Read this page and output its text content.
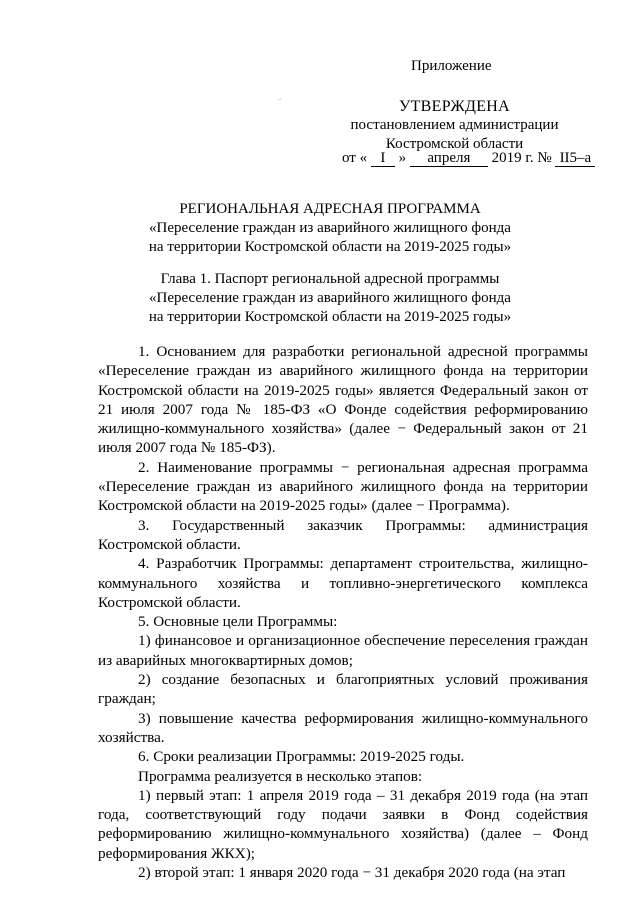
Приложение
∙ˑ	УТВЕРЖДЕНА
постановлением администрации
Костромской области
от « I » апреля 2019 г. № II5–а
РЕГИОНАЛЬНАЯ АДРЕСНАЯ ПРОГРАММА
«Переселение граждан из аварийного жилищного фонда
на территории Костромской области на 2019-2025 годы»
Глава 1. Паспорт региональной адресной программы
«Переселение граждан из аварийного жилищного фонда
на территории Костромской области на 2019-2025 годы»

1. Основанием для разработки региональной адресной программы «Переселение граждан из аварийного жилищного фонда на территории Костромской области на 2019-2025 годы» является Федеральный закон от 21 июля 2007 года № 185-ФЗ «О Фонде содействия реформированию жилищно-коммунального хозяйства» (далее − Федеральный закон от 21 июля 2007 года № 185-ФЗ).

2. Наименование программы − региональная адресная программа «Переселение граждан из аварийного жилищного фонда на территории Костромской области на 2019-2025 годы» (далее − Программа).

3. Государственный заказчик Программы: администрация Костромской области.

4. Разработчик Программы: департамент строительства, жилищно-коммунального хозяйства и топливно-энергетического комплекса Костромской области.

5. Основные цели Программы:

1) финансовое и организационное обеспечение переселения граждан из аварийных многоквартирных домов;

2) создание безопасных и благоприятных условий проживания граждан;

3) повышение качества реформирования жилищно-коммунального хозяйства.

6. Сроки реализации Программы: 2019-2025 годы.

Программа реализуется в несколько этапов:

1) первый этап: 1 апреля 2019 года – 31 декабря 2019 года (на этап года, соответствующий году подачи заявки в Фонд содействия реформированию жилищно-коммунального хозяйства) (далее – Фонд реформирования ЖКХ);

2) второй этап: 1 января 2020 года − 31 декабря 2020 года (на этап
